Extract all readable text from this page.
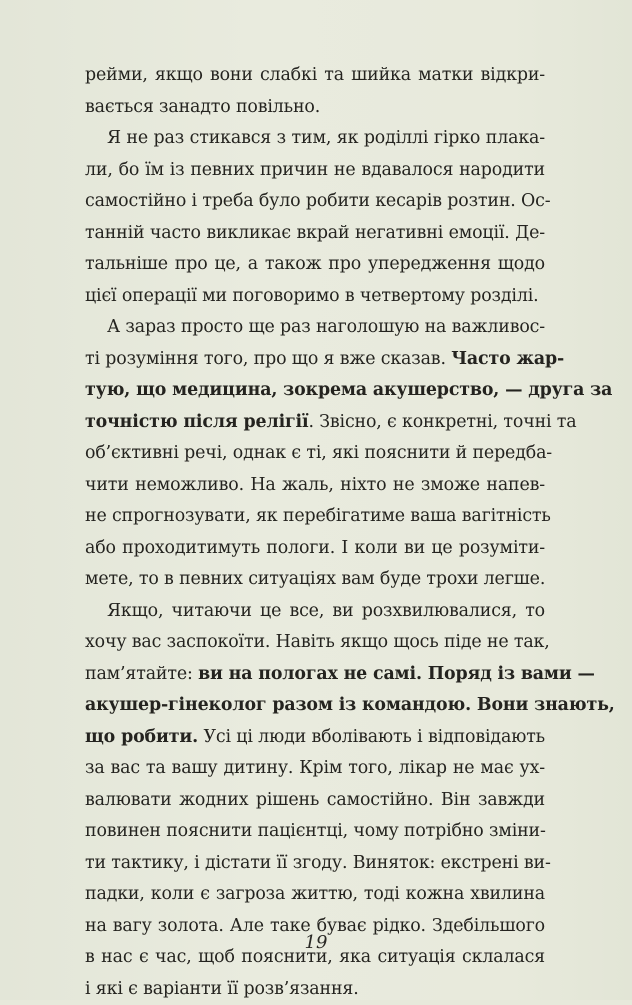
рейми, якщо вони слабкі та шийка матки відкри-
вається занадто повільно.
Я не раз стикався з тим, як роділлі гірко плака-
ли, бо їм із певних причин не вдавалося народити
самостійно і треба було робити кесарів розтин. Ос-
танній часто викликає вкрай негативні емоції. Де-
тальніше про це, а також про упередження щодо
цієї операції ми поговоримо в четвертому розділі.
А зараз просто ще раз наголошую на важливос-
ті розуміння того, про що я вже сказав. Часто жар-
тую, що медицина, зокрема акушерство, — друга за
точністю після релігії. Звісно, є конкретні, точні та
об’єктивні речі, однак є ті, які пояснити й передба-
чити неможливо. На жаль, ніхто не зможе напев-
не спрогнозувати, як перебігатиме ваша вагітність
або проходитимуть пологи. І коли ви це розуміти-
мете, то в певних ситуаціях вам буде трохи легше.
Якщо, читаючи це все, ви розхвилювалися, то
хочу вас заспокоїти. Навіть якщо щось піде не так,
пам’ятайте: ви на пологах не самі. Поряд із вами —
акушер-гінеколог разом із командою. Вони знають,
що робити. Усі ці люди вболівають і відповідають
за вас та вашу дитину. Крім того, лікар не має ух-
валювати жодних рішень самостійно. Він завжди
повинен пояснити пацієнтці, чому потрібно зміни-
ти тактику, і дістати її згоду. Виняток: екстрені ви-
падки, коли є загроза життю, тоді кожна хвилина
на вагу золота. Але таке буває рідко. Здебільшого
в нас є час, щоб пояснити, яка ситуація склалася
і які є варіанти її розв’язання.
19
